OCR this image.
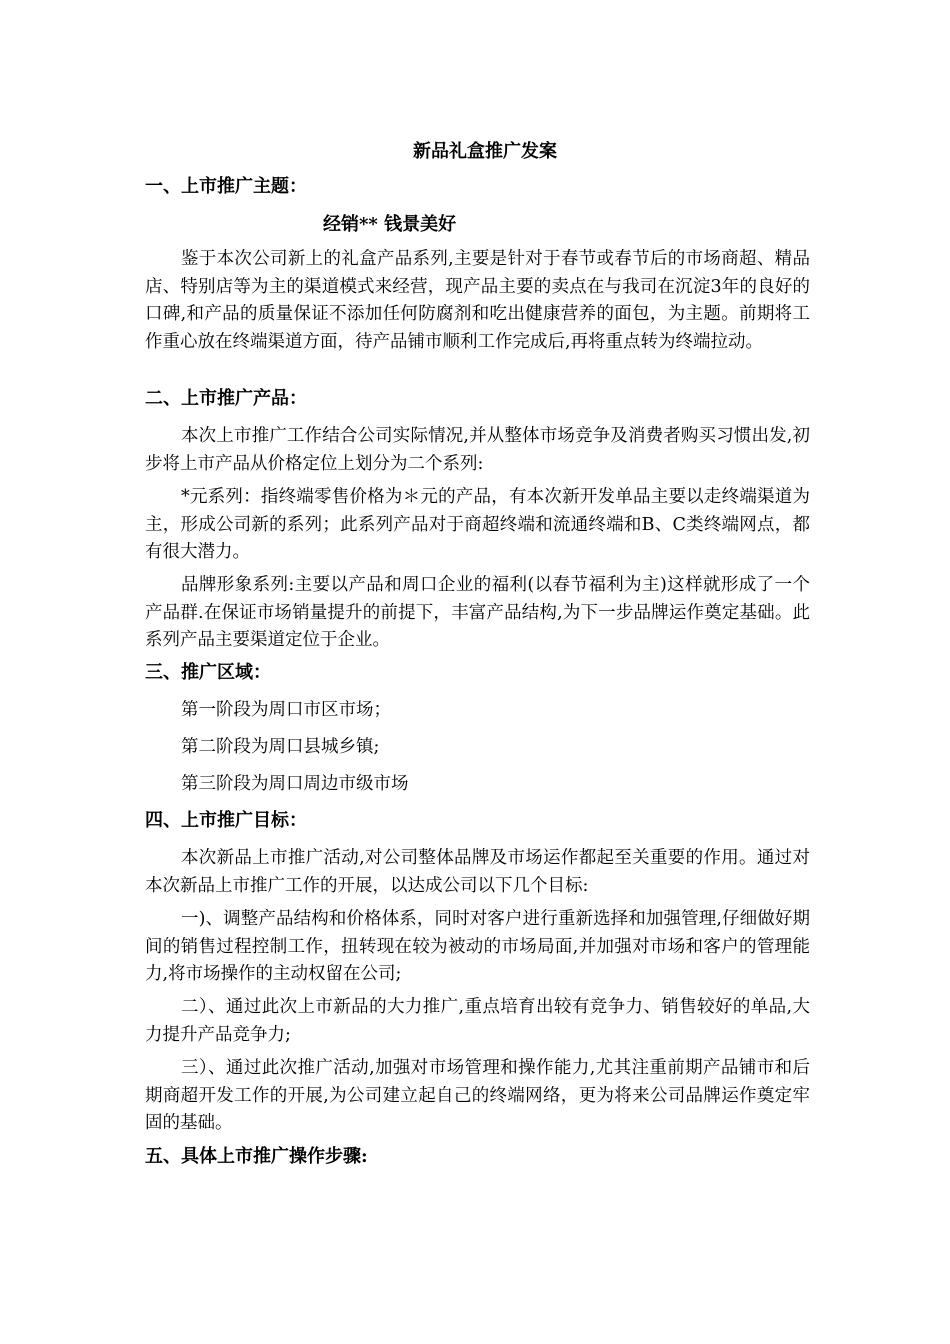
新品礼盒推广发案
一、上市推广主题：
经销** 钱景美好

鉴于本次公司新上的礼盒产品系列,主要是针对于春节或春节后的市场商超、精品店、特别店等为主的渠道模式来经营，现产品主要的卖点在与我司在沉淀3年的良好的口碑,和产品的质量保证不添加任何防腐剂和吃出健康营养的面包，为主题。前期将工作重心放在终端渠道方面，待产品铺市顺利工作完成后,再将重点转为终端拉动。

二、上市推广产品：

本次上市推广工作结合公司实际情况,并从整体市场竞争及消费者购买习惯出发,初步将上市产品从价格定位上划分为二个系列:

*元系列：指终端零售价格为＊元的产品，有本次新开发单品主要以走终端渠道为主，形成公司新的系列；此系列产品对于商超终端和流通终端和B、C类终端网点，都有很大潜力。

品牌形象系列:主要以产品和周口企业的福利(以春节福利为主)这样就形成了一个产品群.在保证市场销量提升的前提下，丰富产品结构,为下一步品牌运作奠定基础。此系列产品主要渠道定位于企业。

三、推广区域：
第一阶段为周口市区市场；
第二阶段为周口县城乡镇;
第三阶段为周口周边市级市场
四、上市推广目标：

本次新品上市推广活动,对公司整体品牌及市场运作都起至关重要的作用。通过对本次新品上市推广工作的开展，以达成公司以下几个目标:

一)、调整产品结构和价格体系，同时对客户进行重新选择和加强管理,仔细做好期间的销售过程控制工作，扭转现在较为被动的市场局面,并加强对市场和客户的管理能力,将市场操作的主动权留在公司;

二）、通过此次上市新品的大力推广,重点培育出较有竞争力、销售较好的单品,大力提升产品竞争力;

三）、通过此次推广活动,加强对市场管理和操作能力,尤其注重前期产品铺市和后期商超开发工作的开展,为公司建立起自己的终端网络，更为将来公司品牌运作奠定牢固的基础。

五、具体上市推广操作步骤:
